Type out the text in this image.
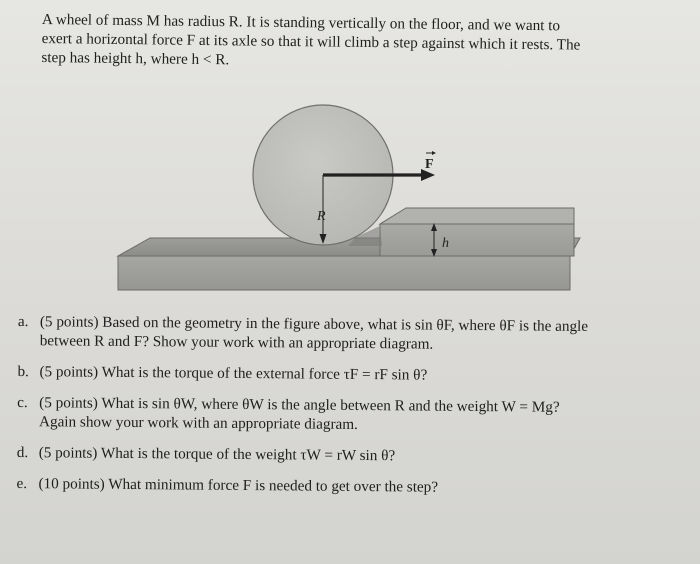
A wheel of mass M has radius R. It is standing vertically on the floor, and we want to
exert a horizontal force F at its axle so that it will climb a step against which it rests. The
step has height h, where h < R.
F
R
h
a. (5 points) Based on the geometry in the figure above, what is sin θF, where θF is the angle
between R and F? Show your work with an appropriate diagram.
b. (5 points) What is the torque of the external force τF = rF sin θ?
c. (5 points) What is sin θW, where θW is the angle between R and the weight W = Mg?
Again show your work with an appropriate diagram.
d. (5 points) What is the torque of the weight τW = rW sin θ?
e. (10 points) What minimum force F is needed to get over the step?
